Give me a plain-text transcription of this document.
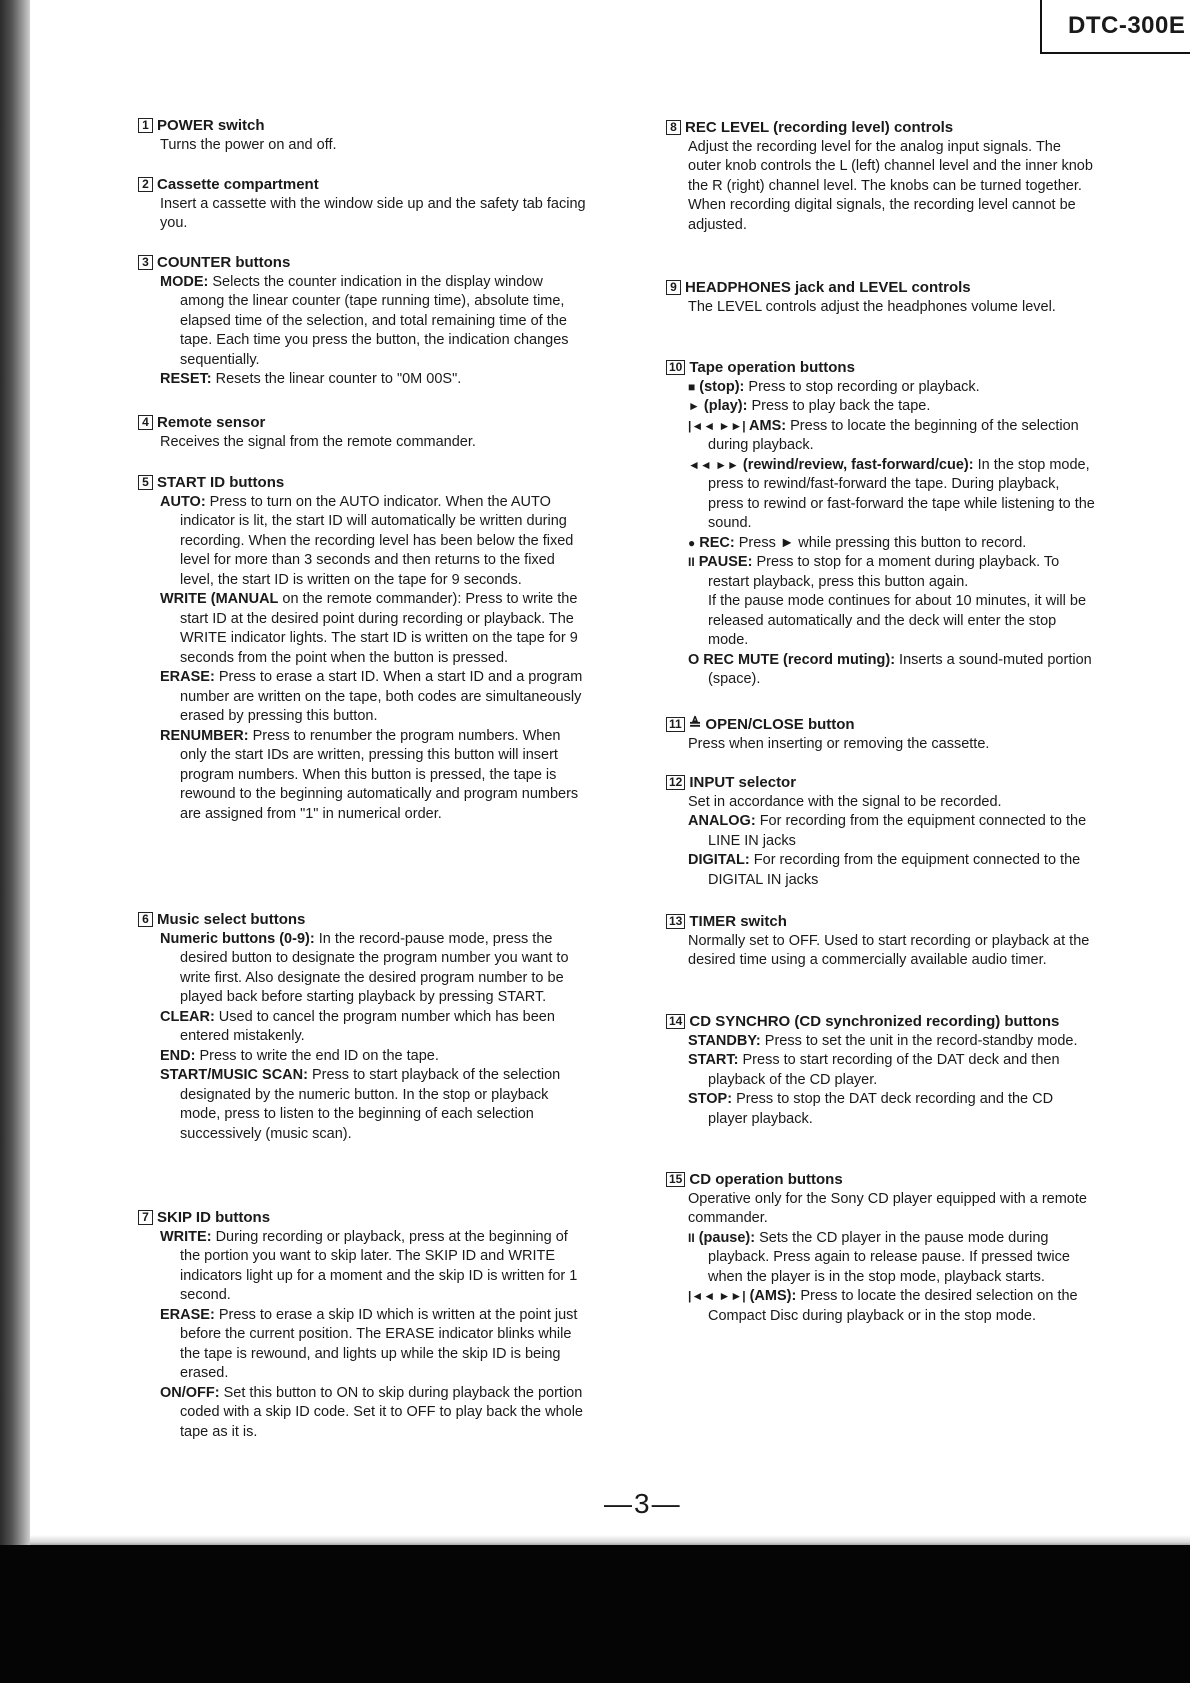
DTC-300E
1 POWER switch
Turns the power on and off.
2 Cassette compartment
Insert a cassette with the window side up and the safety tab facing you.
3 COUNTER buttons
MODE: Selects the counter indication in the display window among the linear counter (tape running time), absolute time, elapsed time of the selection, and total remaining time of the tape. Each time you press the button, the indication changes sequentially.
RESET: Resets the linear counter to "0M 00S".
4 Remote sensor
Receives the signal from the remote commander.
5 START ID buttons
AUTO: Press to turn on the AUTO indicator. When the AUTO indicator is lit, the start ID will automatically be written during recording. When the recording level has been below the fixed level for more than 3 seconds and then returns to the fixed level, the start ID is written on the tape for 9 seconds.
WRITE (MANUAL on the remote commander): Press to write the start ID at the desired point during recording or playback. The WRITE indicator lights. The start ID is written on the tape for 9 seconds from the point when the button is pressed.
ERASE: Press to erase a start ID. When a start ID and a program number are written on the tape, both codes are simultaneously erased by pressing this button.
RENUMBER: Press to renumber the program numbers. When only the start IDs are written, pressing this button will insert program numbers. When this button is pressed, the tape is rewound to the beginning automatically and program numbers are assigned from "1" in numerical order.
6 Music select buttons
Numeric buttons (0-9): In the record-pause mode, press the desired button to designate the program number you want to write first. Also designate the desired program number to be played back before starting playback by pressing START.
CLEAR: Used to cancel the program number which has been entered mistakenly.
END: Press to write the end ID on the tape.
START/MUSIC SCAN: Press to start playback of the selection designated by the numeric button. In the stop or playback mode, press to listen to the beginning of each selection successively (music scan).
7 SKIP ID buttons
WRITE: During recording or playback, press at the beginning of the portion you want to skip later. The SKIP ID and WRITE indicators light up for a moment and the skip ID is written for 1 second.
ERASE: Press to erase a skip ID which is written at the point just before the current position. The ERASE indicator blinks while the tape is rewound, and lights up while the skip ID is being erased.
ON/OFF: Set this button to ON to skip during playback the portion coded with a skip ID code. Set it to OFF to play back the whole tape as it is.
8 REC LEVEL (recording level) controls
Adjust the recording level for the analog input signals. The outer knob controls the L (left) channel level and the inner knob the R (right) channel level. The knobs can be turned together.
When recording digital signals, the recording level cannot be adjusted.
9 HEADPHONES jack and LEVEL controls
The LEVEL controls adjust the headphones volume level.
10 Tape operation buttons
■ (stop): Press to stop recording or playback.
► (play): Press to play back the tape.
|◄◄ ►►| AMS: Press to locate the beginning of the selection during playback.
◄◄ ►► (rewind/review, fast-forward/cue): In the stop mode, press to rewind/fast-forward the tape. During playback, press to rewind or fast-forward the tape while listening to the sound.
● REC: Press ► while pressing this button to record.
II PAUSE: Press to stop for a moment during playback. To restart playback, press this button again.
If the pause mode continues for about 10 minutes, it will be released automatically and the deck will enter the stop mode.
O REC MUTE (record muting): Inserts a sound-muted portion (space).
11 ≜ OPEN/CLOSE button
Press when inserting or removing the cassette.
12 INPUT selector
Set in accordance with the signal to be recorded.
ANALOG: For recording from the equipment connected to the LINE IN jacks
DIGITAL: For recording from the equipment connected to the DIGITAL IN jacks
13 TIMER switch
Normally set to OFF. Used to start recording or playback at the desired time using a commercially available audio timer.
14 CD SYNCHRO (CD synchronized recording) buttons
STANDBY: Press to set the unit in the record-standby mode.
START: Press to start recording of the DAT deck and then playback of the CD player.
STOP: Press to stop the DAT deck recording and the CD player playback.
15 CD operation buttons
Operative only for the Sony CD player equipped with a remote commander.
II (pause): Sets the CD player in the pause mode during playback. Press again to release pause. If pressed twice when the player is in the stop mode, playback starts.
|◄◄ ►►| (AMS): Press to locate the desired selection on the Compact Disc during playback or in the stop mode.
—3—
